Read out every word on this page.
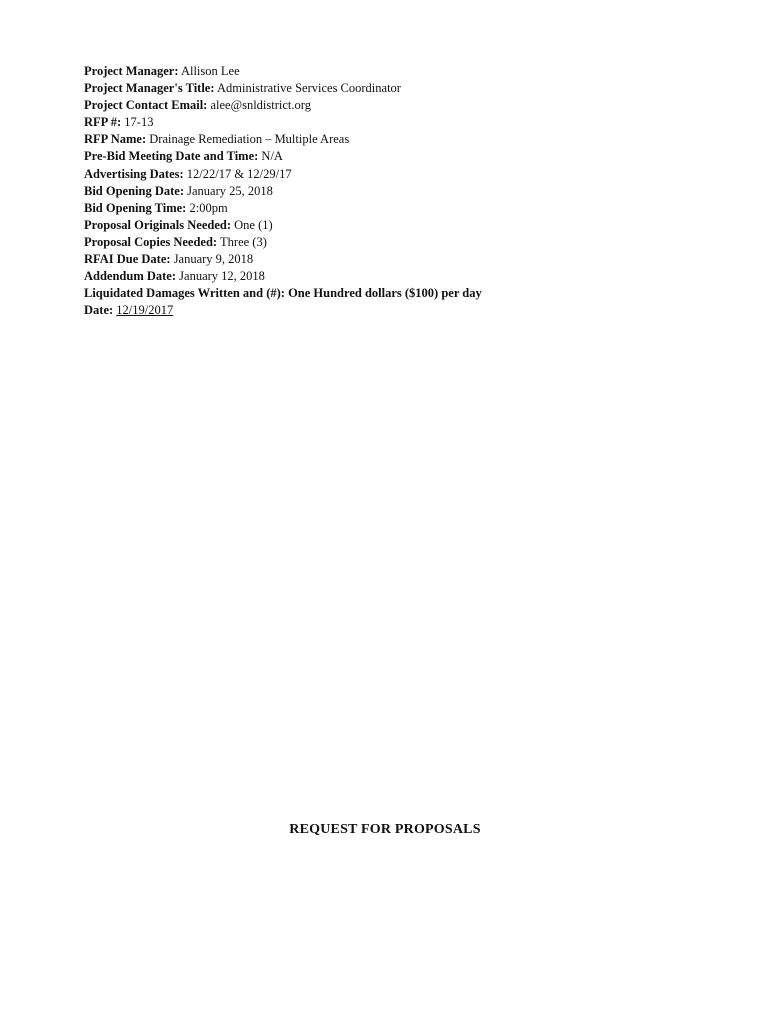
Project Manager: Allison Lee
Project Manager's Title: Administrative Services Coordinator
Project Contact Email: alee@snldistrict.org
RFP #: 17-13
RFP Name: Drainage Remediation – Multiple Areas
Pre-Bid Meeting Date and Time: N/A
Advertising Dates: 12/22/17 & 12/29/17
Bid Opening Date: January 25, 2018
Bid Opening Time: 2:00pm
Proposal Originals Needed: One (1)
Proposal Copies Needed: Three (3)
RFAI Due Date: January 9, 2018
Addendum Date: January 12, 2018
Liquidated Damages Written and (#): One Hundred dollars ($100) per day
Date: 12/19/2017
REQUEST FOR PROPOSALS
